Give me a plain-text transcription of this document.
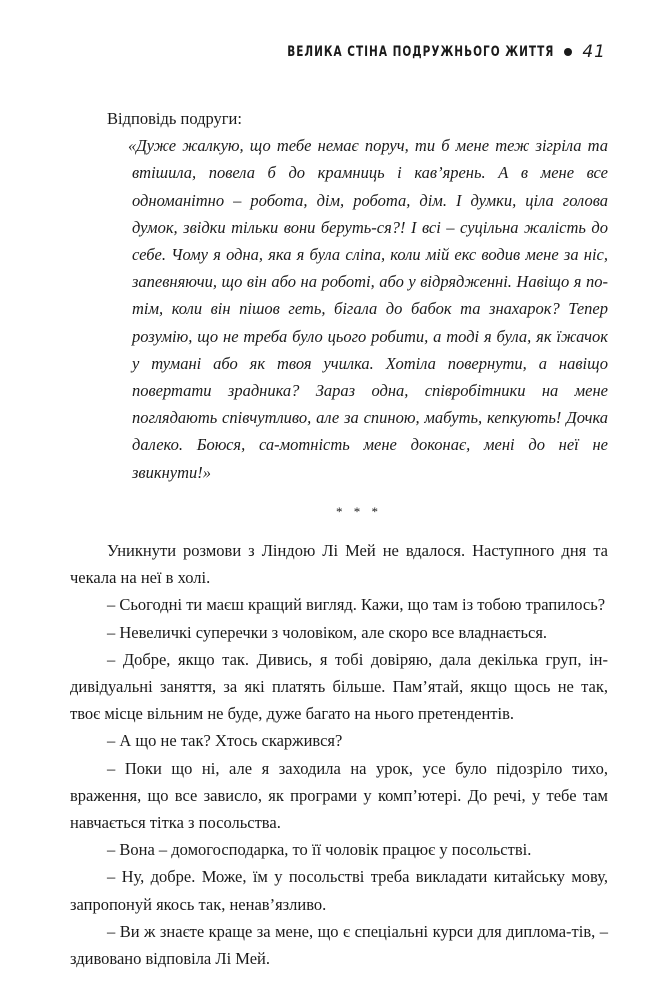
ВЕЛИКА СТІНА ПОДРУЖНЬОГО ЖИТТЯ 41

Відповідь подруги:

«Дуже жалкую, що тебе немає поруч, ти б мене теж зігріла та втішила, повела б до крамниць і кав’ярень. А в мене все одноманітно – робота, дім, робота, дім. І думки, ціла голова думок, звідки тільки вони беруть-ся?! І всі – суцільна жалість до себе. Чому я одна, яка я була сліпа, коли мій екс водив мене за ніс, запевняючи, що він або на роботі, або у відрядженні. Навіщо я по-тім, коли він пішов геть, бігала до бабок та знахарок? Тепер розумію, що не треба було цього робити, а тоді я була, як їжачок у тумані або як твоя училка. Хотіла повернути, а навіщо повертати зрадника? Зараз одна, співробітники на мене поглядають співчутливо, але за спиною, мабуть, кепкують! Дочка далеко. Боюся, са-мотність мене доконає, мені до неї не звикнути!»

* * *

Уникнути розмови з Ліндою Лі Мей не вдалося. Наступного дня та чекала на неї в холі.

– Сьогодні ти маєш кращий вигляд. Кажи, що там із тобою трапилось?

– Невеличкі суперечки з чоловіком, але скоро все владнається.

– Добре, якщо так. Дивись, я тобі довіряю, дала декілька груп, ін-дивідуальні заняття, за які платять більше. Пам’ятай, якщо щось не так, твоє місце вільним не буде, дуже багато на нього претендентів.

– А що не так? Хтось скаржився?

– Поки що ні, але я заходила на урок, усе було підозріло тихо, враження, що все зависло, як програми у комп’ютері. До речі, у тебе там навчається тітка з посольства.

– Вона – домогосподарка, то її чоловік працює у посольстві.

– Ну, добре. Може, їм у посольстві треба викладати китайську мову, запропонуй якось так, ненав’язливо.

– Ви ж знаєте краще за мене, що є спеціальні курси для диплома-тів, – здивовано відповіла Лі Мей.
